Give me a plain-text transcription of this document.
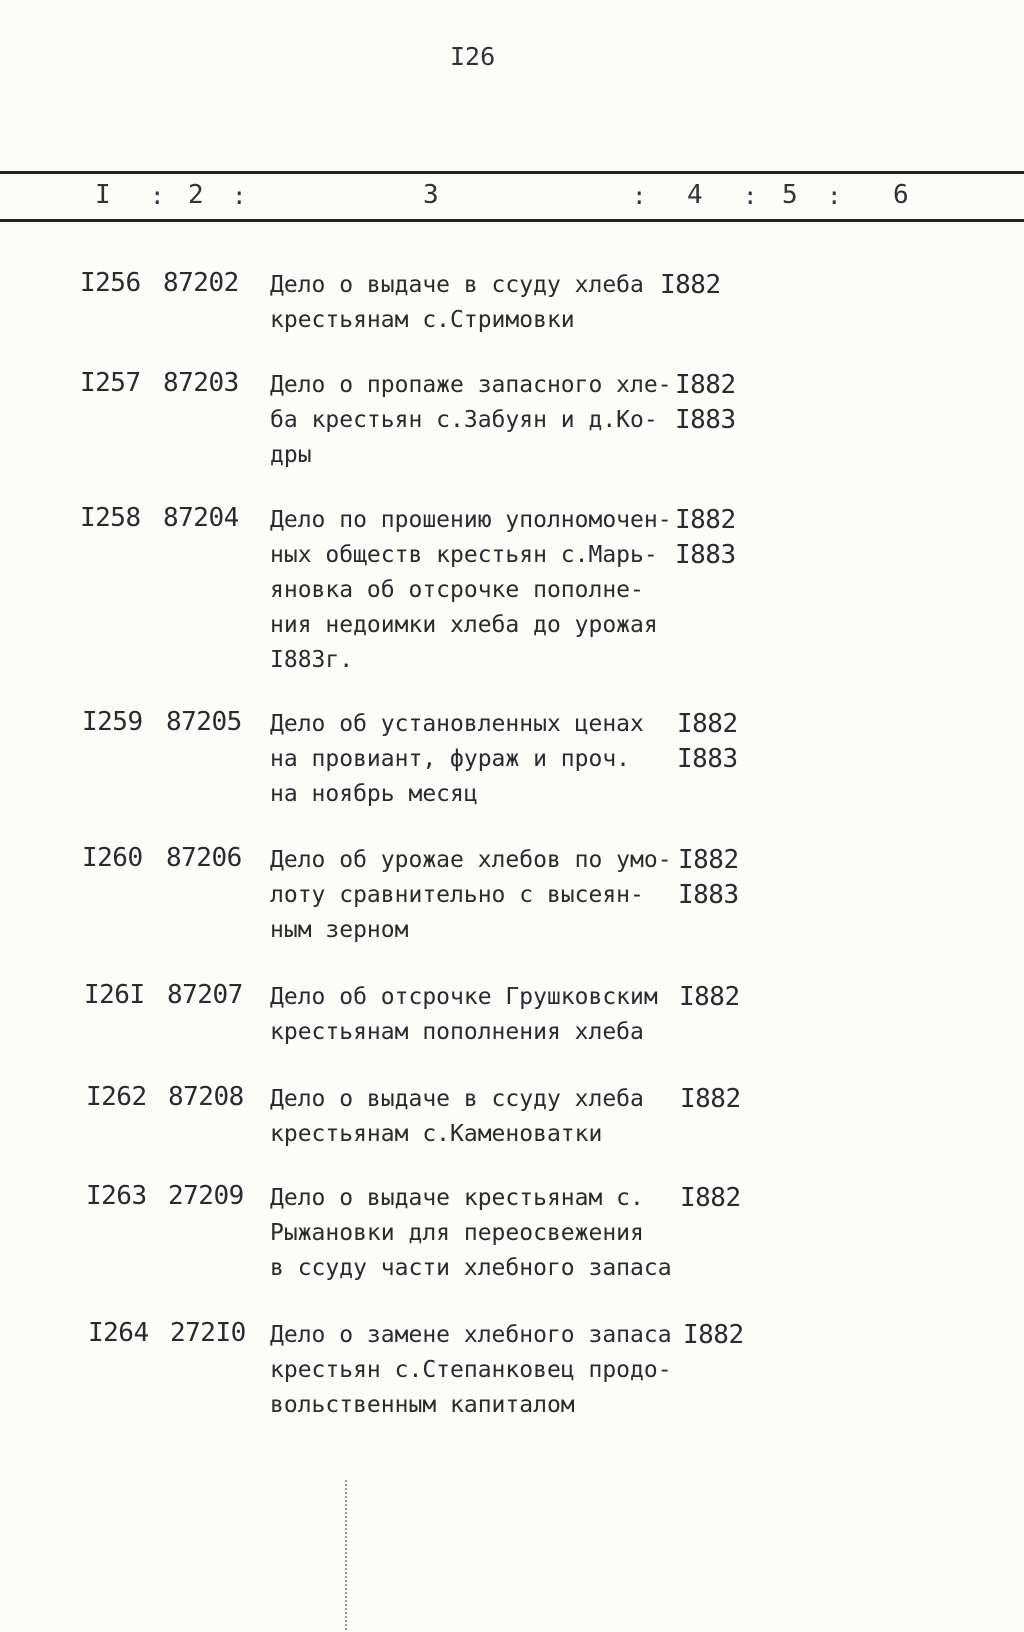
I26
I : 2 :	3	: 4 : 5 : 6
I256 87202 Дело о выдаче в ссуду хлеба
крестьянам с.Стримовки
I882
I257 87203 Дело о пропаже запасного хле-
ба крестьян с.Забуян и д.Ко-
дры
I882
I883
I258 87204 Дело по прошению уполномочен-
ных обществ крестьян с.Марь-
яновка об отсрочке пополне-
ния недоимки хлеба до урожая
I883г.
I882
I883
I259 87205 Дело об установленных ценах
на провиант, фураж и проч.
на ноябрь месяц
I882
I883
I260 87206 Дело об урожае хлебов по умо-
лоту сравнительно с высеян-
ным зерном
I882
I883
I26I 87207 Дело об отсрочке Грушковским
крестьянам пополнения хлеба
I882
I262 87208 Дело о выдаче в ссуду хлеба
крестьянам с.Каменоватки
I882
I263 27209 Дело о выдаче крестьянам с.
Рыжановки для переосвежения
в ссуду части хлебного запаса
I882
I264 272I0 Дело о замене хлебного запаса
крестьян с.Степанковец продо-
вольственным капиталом
I882
